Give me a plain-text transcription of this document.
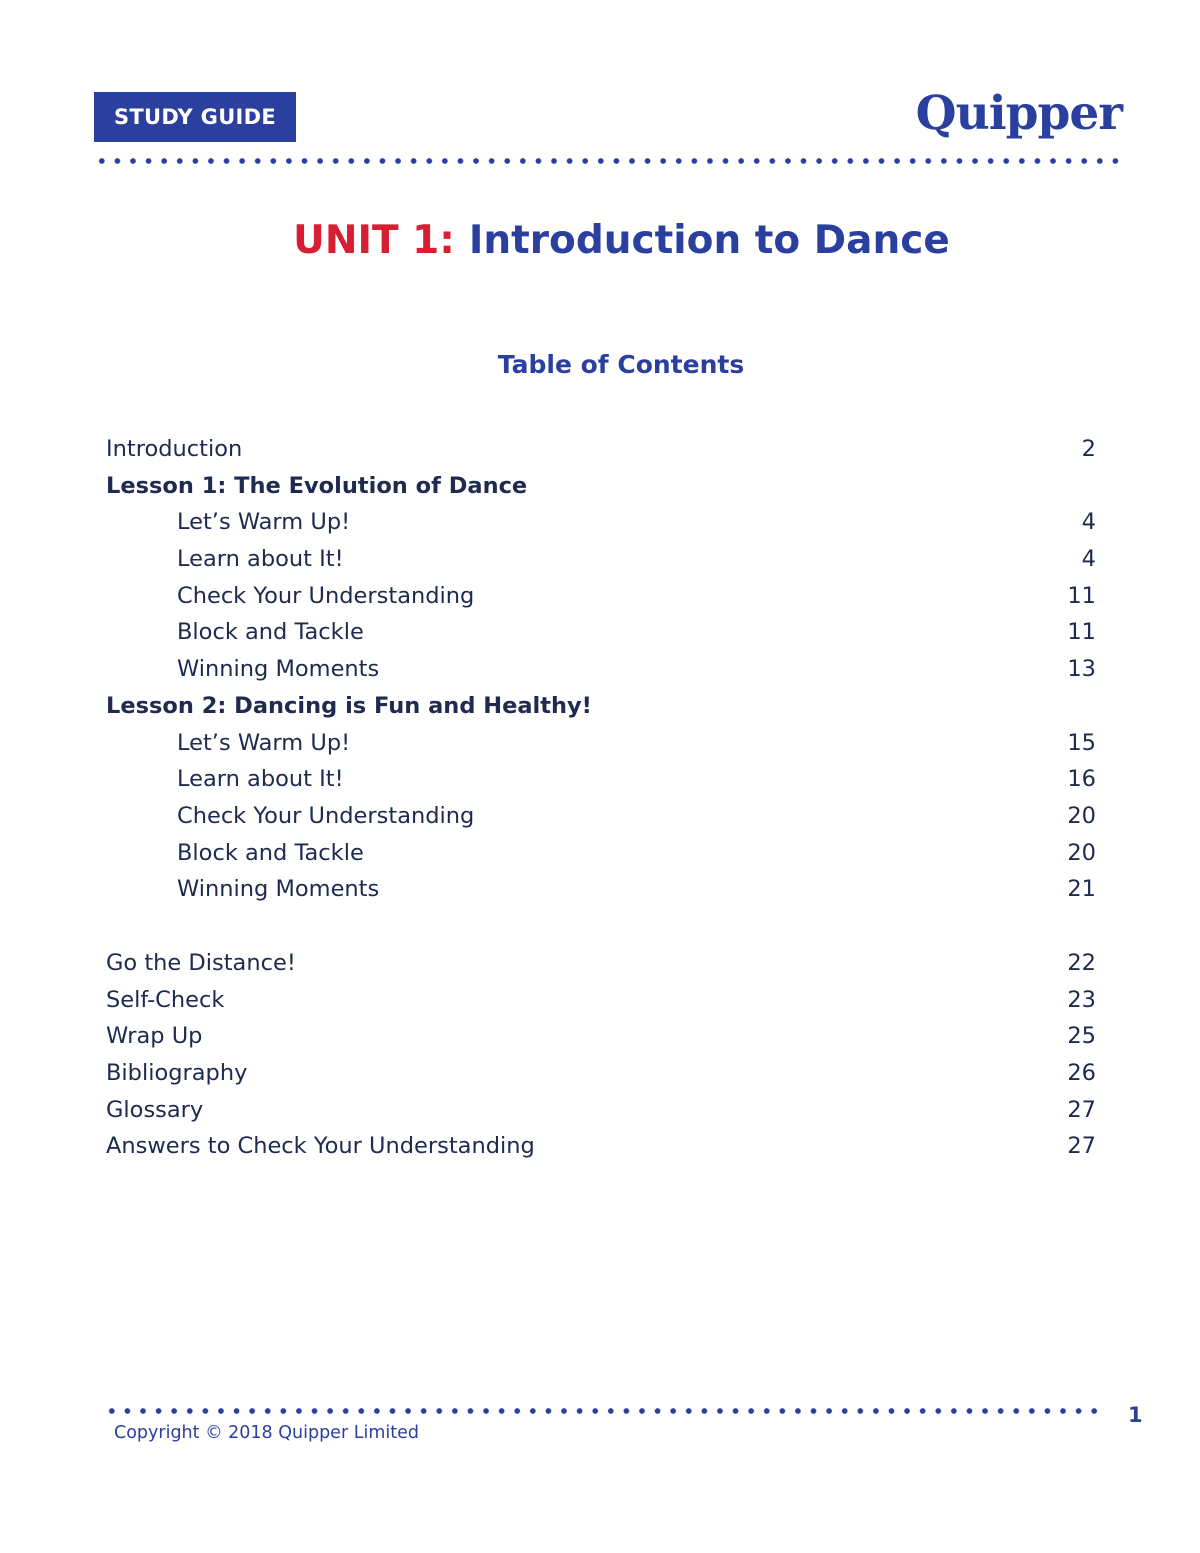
STUDY GUIDE	Quipper
UNIT 1: Introduction to Dance
Table of Contents
Introduction	2
Lesson 1: The Evolution of Dance
Let’s Warm Up!	4
Learn about It!	4
Check Your Understanding	11
Block and Tackle	11
Winning Moments	13
Lesson 2: Dancing is Fun and Healthy!
Let’s Warm Up!	15
Learn about It!	16
Check Your Understanding	20
Block and Tackle	20
Winning Moments	21
Go the Distance!	22
Self-Check	23
Wrap Up	25
Bibliography	26
Glossary	27
Answers to Check Your Understanding	27
1
Copyright © 2018 Quipper Limited
